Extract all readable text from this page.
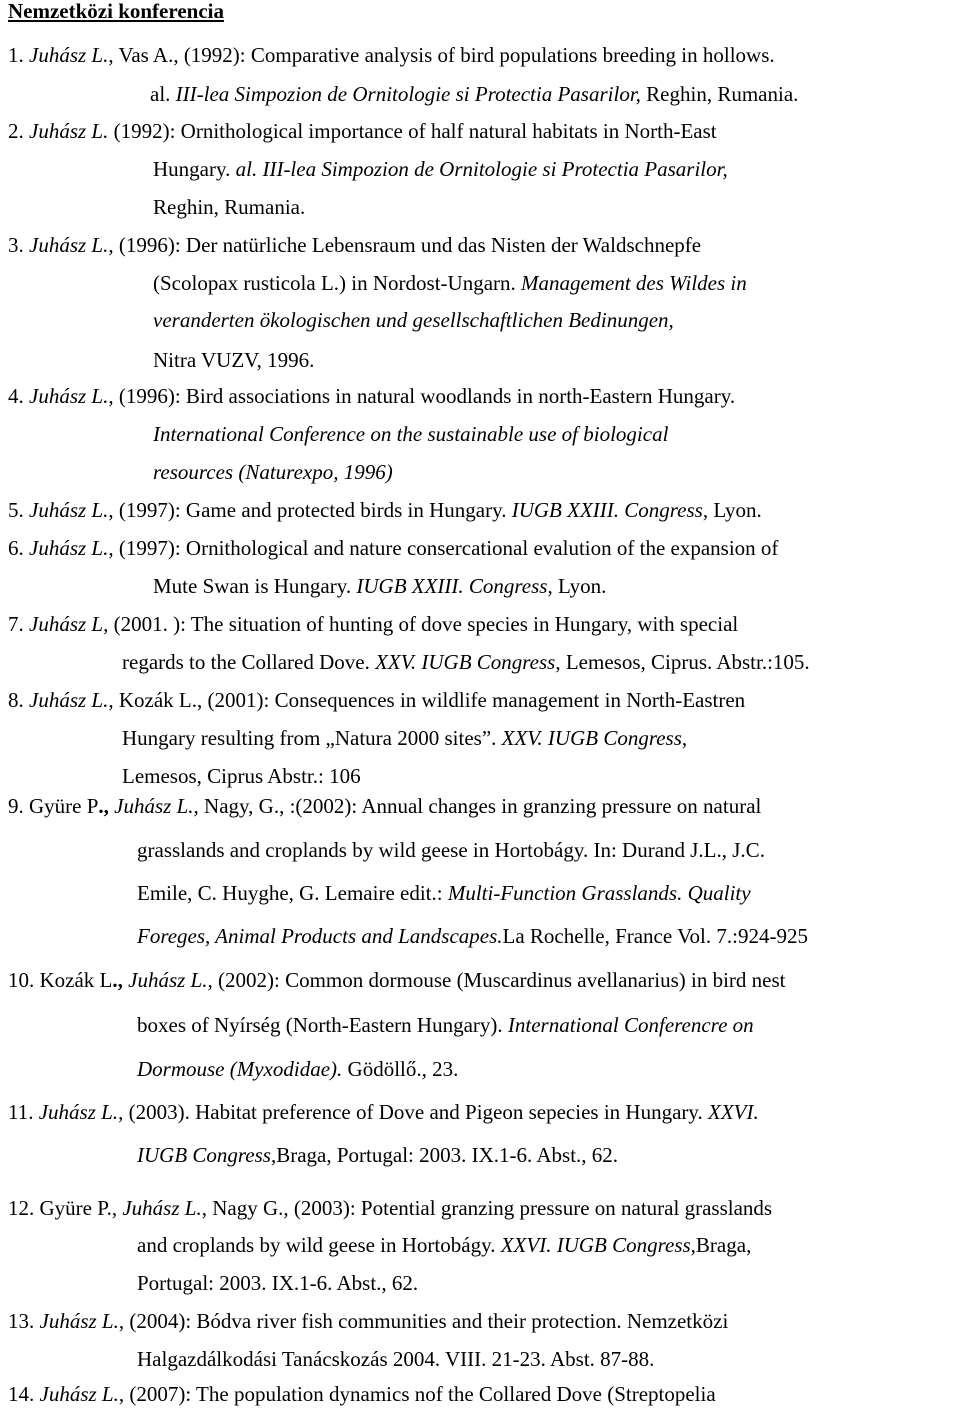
Nemzetközi konferencia
1. Juhász L., Vas A., (1992): Comparative analysis of bird populations breeding in hollows.
al. III-lea Simpozion de Ornitologie si Protectia Pasarilor, Reghin, Rumania.
2. Juhász L. (1992): Ornithological importance of half natural habitats in North-East
Hungary. al. III-lea Simpozion de Ornitologie si Protectia Pasarilor,
Reghin, Rumania.
3. Juhász L., (1996): Der natürliche Lebensraum und das Nisten der Waldschnepfe
(Scolopax rusticola L.) in Nordost-Ungarn. Management des Wildes in
veranderten ökologischen und gesellschaftlichen Bedinungen,
Nitra VUZV, 1996.
4. Juhász L., (1996): Bird associations in natural woodlands in north-Eastern Hungary.
International Conference on the sustainable use of biological
resources (Naturexpo, 1996)
5. Juhász L., (1997): Game and protected birds in Hungary. IUGB XXIII. Congress, Lyon.
6. Juhász L., (1997): Ornithological and nature consercational evalution of the expansion of
Mute Swan is Hungary. IUGB XXIII. Congress, Lyon.
7. Juhász L, (2001. ): The situation of hunting of dove species in Hungary, with special
regards to the Collared Dove. XXV. IUGB Congress, Lemesos, Ciprus. Abstr.:105.
8. Juhász L., Kozák L., (2001): Consequences in wildlife management in North-Eastren
Hungary resulting from „Natura 2000 sites”. XXV. IUGB Congress,
Lemesos, Ciprus Abstr.: 106
9. Gyüre P., Juhász L., Nagy, G., :(2002): Annual changes in granzing pressure on natural
grasslands and croplands by wild geese in Hortobágy. In: Durand J.L., J.C.
Emile, C. Huyghe, G. Lemaire edit.: Multi-Function Grasslands. Quality
Foreges, Animal Products and Landscapes.La Rochelle, France Vol. 7.:924-925
10. Kozák L., Juhász L., (2002): Common dormouse (Muscardinus avellanarius) in bird nest
boxes of Nyírség (North-Eastern Hungary). International Conferencre on
Dormouse (Myxodidae). Gödöllő., 23.
11. Juhász L., (2003). Habitat preference of Dove and Pigeon sepecies in Hungary. XXVI.
IUGB Congress,Braga, Portugal: 2003. IX.1-6. Abst., 62.
12. Gyüre P., Juhász L., Nagy G., (2003): Potential granzing pressure on natural grasslands
and croplands by wild geese in Hortobágy. XXVI. IUGB Congress,Braga,
Portugal: 2003. IX.1-6. Abst., 62.
13. Juhász L., (2004): Bódva river fish communities and their protection. Nemzetközi
Halgazdálkodási Tanácskozás 2004. VIII. 21-23. Abst. 87-88.
14. Juhász L., (2007): The population dynamics nof the Collared Dove (Streptopelia
